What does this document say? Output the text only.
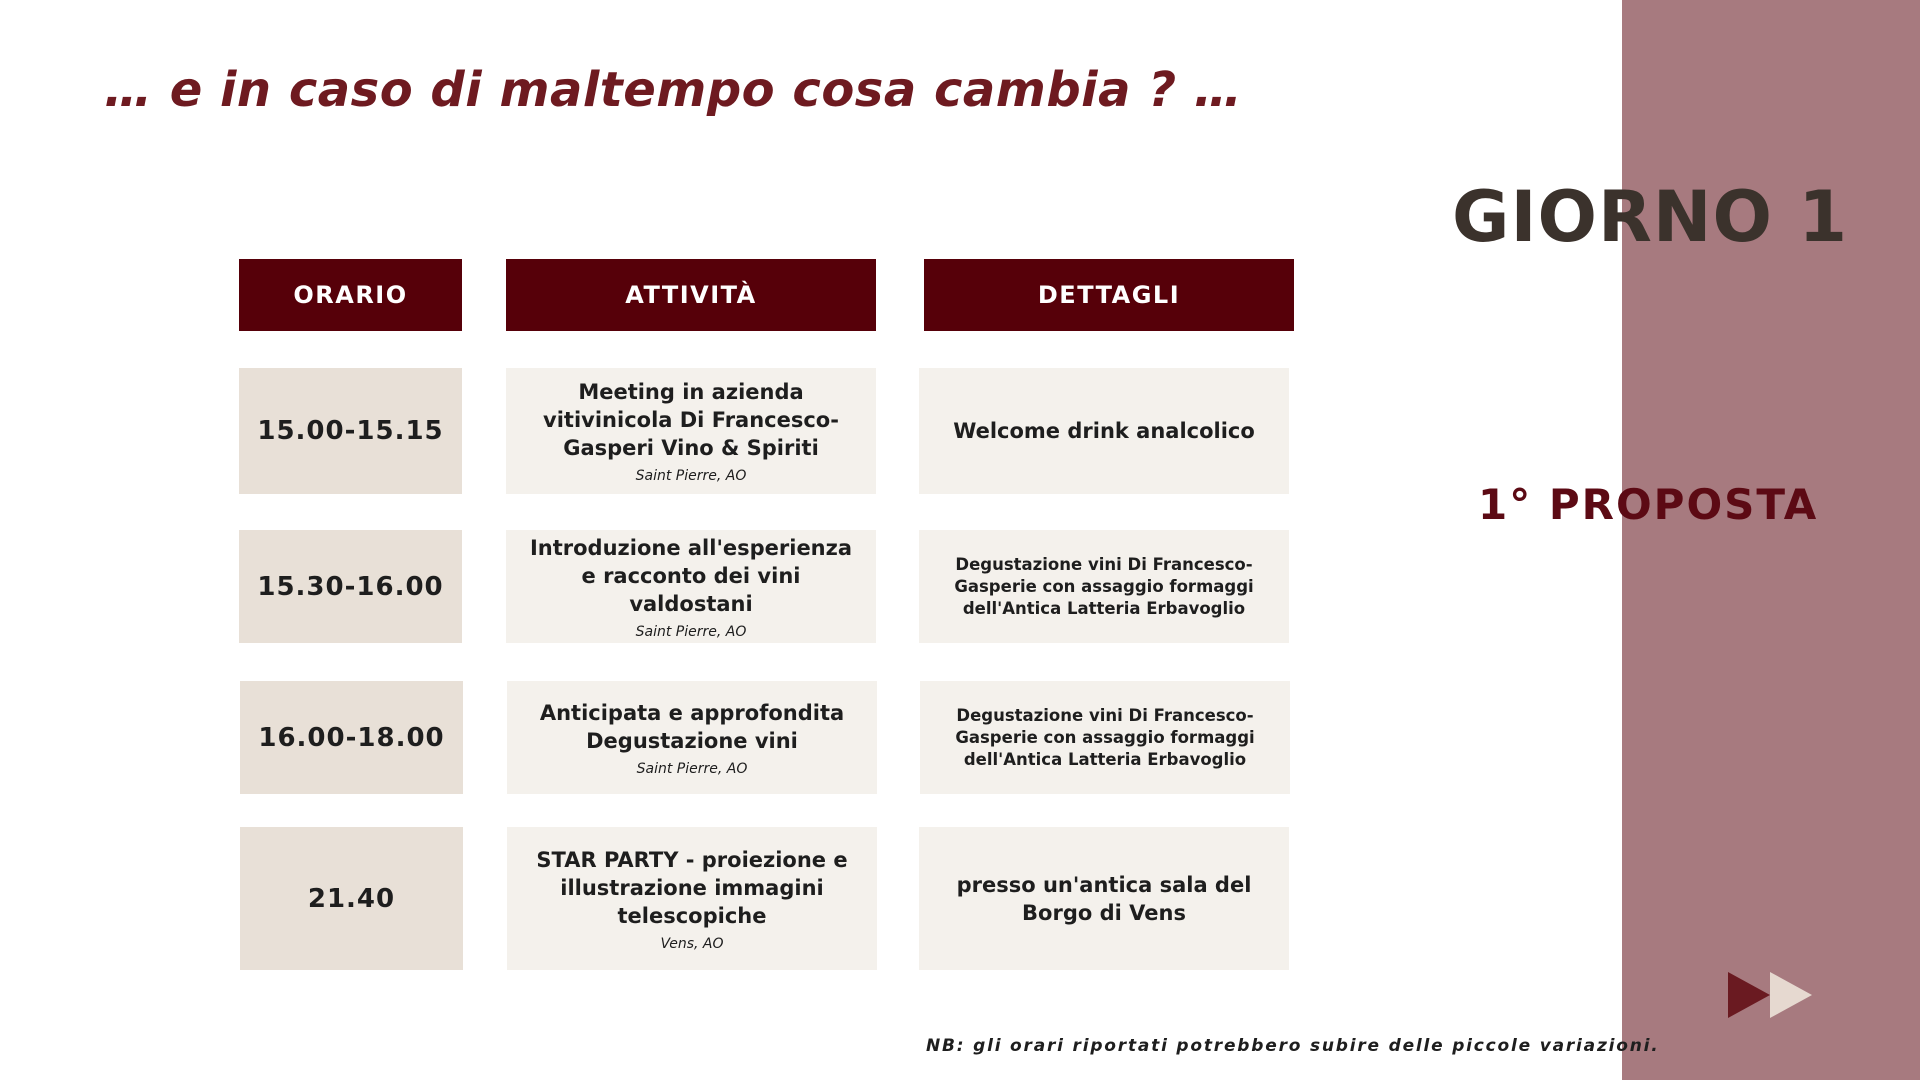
… e in caso di maltempo cosa cambia ? …
GIORNO 1
1° PROPOSTA
ORARIO	ATTIVITÀ	DETTAGLI
15.00-15.15
Meeting in azienda vitivinicola Di Francesco-Gasperi Vino & Spiriti
Saint Pierre, AO
Welcome drink analcolico
15.30-16.00
Introduzione all'esperienza e racconto dei vini valdostani
Saint Pierre, AO
Degustazione vini Di Francesco-Gasperie con assaggio formaggi dell'Antica Latteria Erbavoglio
16.00-18.00
Anticipata e approfondita Degustazione vini
Saint Pierre, AO
Degustazione vini Di Francesco-Gasperie con assaggio formaggi dell'Antica Latteria Erbavoglio
21.40
STAR PARTY - proiezione e illustrazione immagini telescopiche
Vens, AO
presso un'antica sala del Borgo di Vens
NB: gli orari riportati potrebbero subire delle piccole variazioni.
